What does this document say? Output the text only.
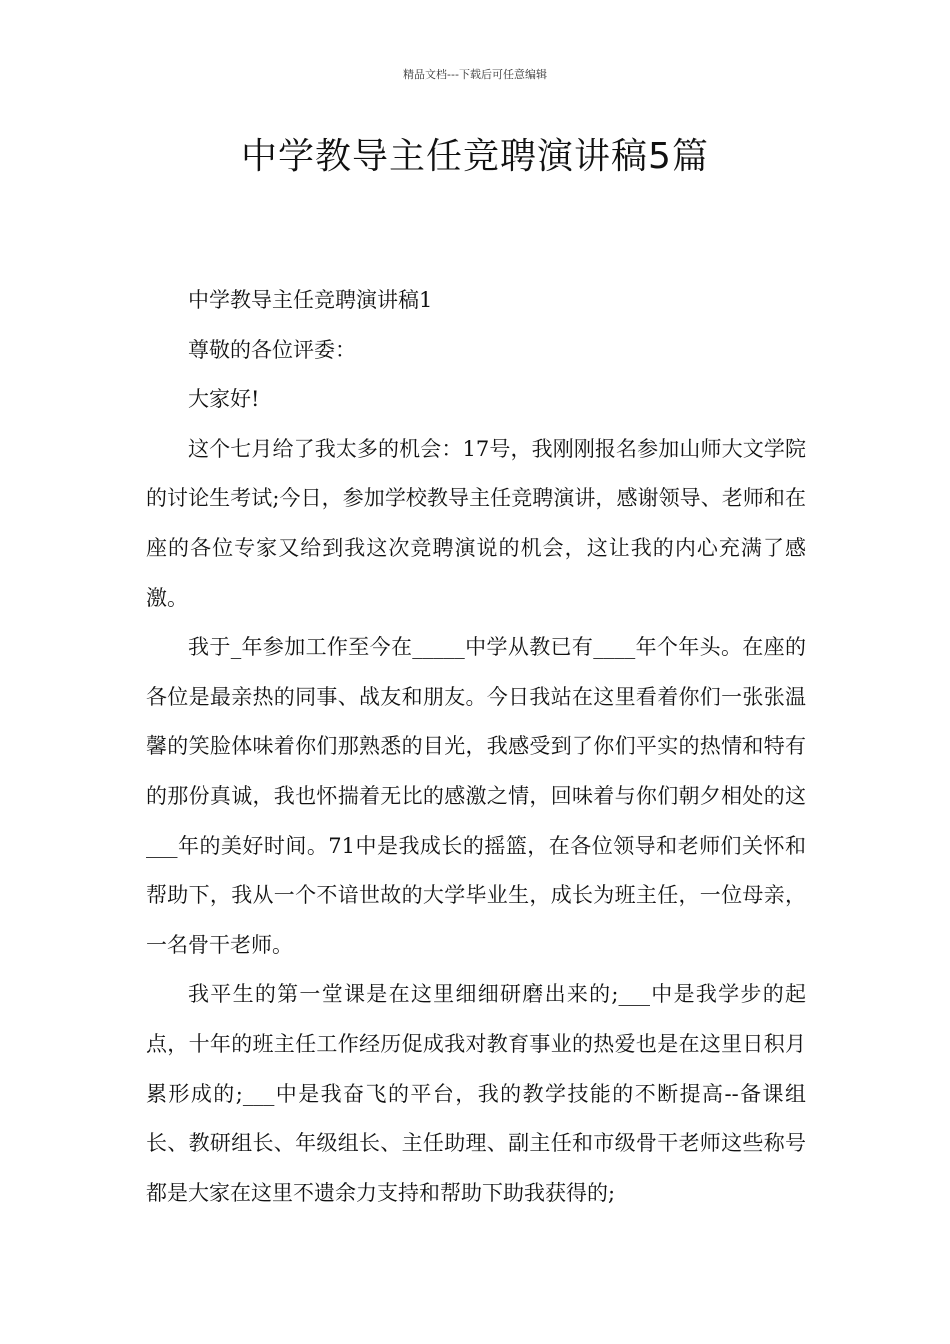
精品文档---下载后可任意编辑
中学教导主任竞聘演讲稿5篇

中学教导主任竞聘演讲稿1

尊敬的各位评委：

大家好!

这个七月给了我太多的机会：17号，我刚刚报名参加山师大文学院的讨论生考试;今日，参加学校教导主任竞聘演讲，感谢领导、老师和在座的各位专家又给到我这次竞聘演说的机会，这让我的内心充满了感激。

我于_年参加工作至今在_____中学从教已有____年个年头。在座的各位是最亲热的同事、战友和朋友。今日我站在这里看着你们一张张温馨的笑脸体味着你们那熟悉的目光，我感受到了你们平实的热情和特有的那份真诚，我也怀揣着无比的感激之情，回味着与你们朝夕相处的这___年的美好时间。71中是我成长的摇篮，在各位领导和老师们关怀和帮助下，我从一个不谙世故的大学毕业生，成长为班主任，一位母亲，一名骨干老师。

我平生的第一堂课是在这里细细研磨出来的;___中是我学步的起点，十年的班主任工作经历促成我对教育事业的热爱也是在这里日积月累形成的;___中是我奋飞的平台，我的教学技能的不断提高--备课组长、教研组长、年级组长、主任助理、副主任和市级骨干老师这些称号都是大家在这里不遗余力支持和帮助下助我获得的;
